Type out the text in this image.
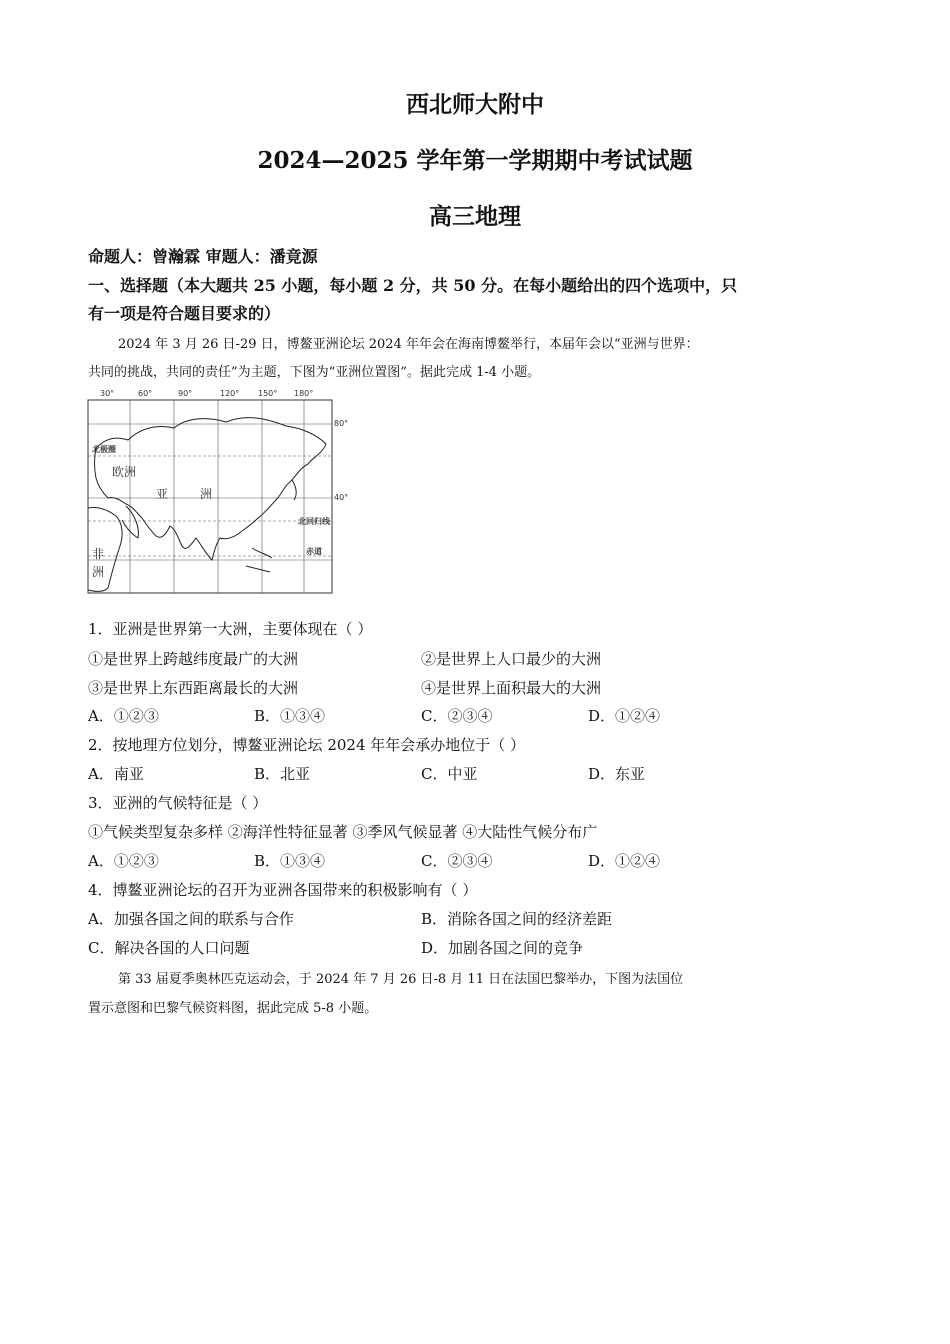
西北师大附中
2024—2025 学年第一学期期中考试试题
高三地理
命题人：曾瀚霖 审题人：潘竟源
一、选择题（本大题共 25 小题，每小题 2 分，共 50 分。在每小题给出的四个选项中，只
有一项是符合题目要求的）
2024 年 3 月 26 日-29 日，博鳌亚洲论坛 2024 年年会在海南博鳌举行，本届年会以“亚洲与世界：
共同的挑战，共同的责任”为主题，下图为“亚洲位置图”。据此完成 1-4 小题。
30°	60°	90°	120° 150° 180°
80°
40°
北极圈
欧洲
亚	洲
北回归线
赤道
非
洲
1．亚洲是世界第一大洲，主要体现在（ ）
①是世界上跨越纬度最广的大洲	②是世界上人口最少的大洲
③是世界上东西距离最长的大洲	④是世界上面积最大的大洲
A．①②③	B．①③④	C．②③④	D．①②④
2．按地理方位划分，博鳌亚洲论坛 2024 年年会承办地位于（ ）
A．南亚	B．北亚	C．中亚	D．东亚
3．亚洲的气候特征是（ ）
①气候类型复杂多样 ②海洋性特征显著 ③季风气候显著 ④大陆性气候分布广
A．①②③	B．①③④	C．②③④	D．①②④
4．博鳌亚洲论坛的召开为亚洲各国带来的积极影响有（ ）
A．加强各国之间的联系与合作	B．消除各国之间的经济差距
C．解决各国的人口问题	D．加剧各国之间的竞争
第 33 届夏季奥林匹克运动会，于 2024 年 7 月 26 日-8 月 11 日在法国巴黎举办，下图为法国位
置示意图和巴黎气候资料图，据此完成 5-8 小题。
